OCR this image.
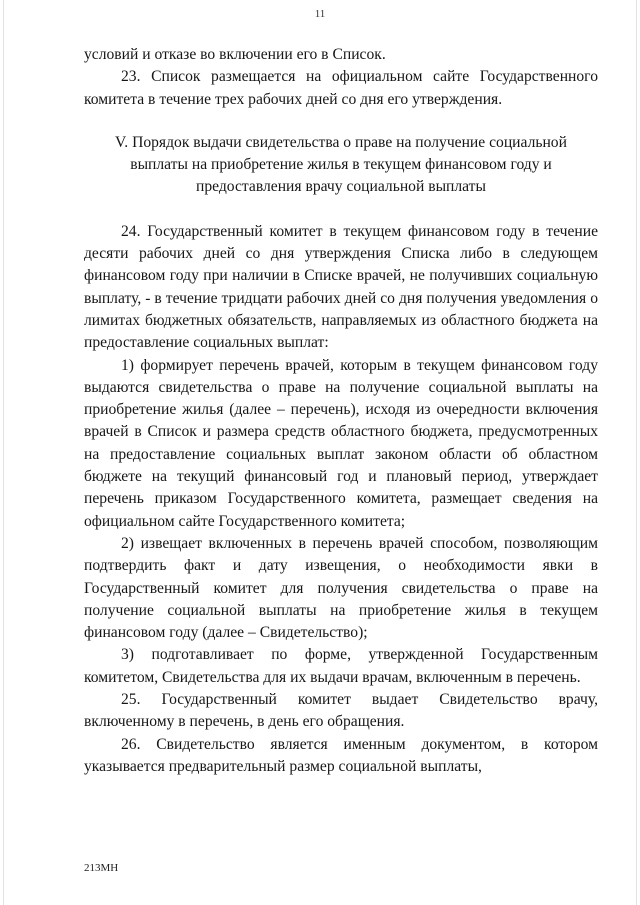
11

условий и отказе во включении его в Список.

23. Список размещается на официальном сайте Государственного комитета в течение трех рабочих дней со дня его утверждения.

V. Порядок выдачи свидетельства о праве на получение социальной
выплаты на приобретение жилья в текущем финансовом году и
предоставления врачу социальной выплаты

24. Государственный комитет в текущем финансовом году в течение десяти рабочих дней со дня утверждения Списка либо в следующем финансовом году при наличии в Списке врачей, не получивших социальную выплату, - в течение тридцати рабочих дней со дня получения уведомления о лимитах бюджетных обязательств, направляемых из областного бюджета на предоставление социальных выплат:

1) формирует перечень врачей, которым в текущем финансовом году выдаются свидетельства о праве на получение социальной выплаты на приобретение жилья (далее – перечень), исходя из очередности включения врачей в Список и размера средств областного бюджета, предусмотренных на предоставление социальных выплат законом области об областном бюджете на текущий финансовый год и плановый период, утверждает перечень приказом Государственного комитета, размещает сведения на официальном сайте Государственного комитета;

2) извещает включенных в перечень врачей способом, позволяющим подтвердить факт и дату извещения, о необходимости явки в Государственный комитет для получения свидетельства о праве на получение социальной выплаты на приобретение жилья в текущем финансовом году (далее – Свидетельство);

3) подготавливает по форме, утвержденной Государственным комитетом, Свидетельства для их выдачи врачам, включенным в перечень.

25. Государственный комитет выдает Свидетельство врачу, включенному в перечень, в день его обращения.

26. Свидетельство является именным документом, в котором указывается предварительный размер социальной выплаты,

213МН
